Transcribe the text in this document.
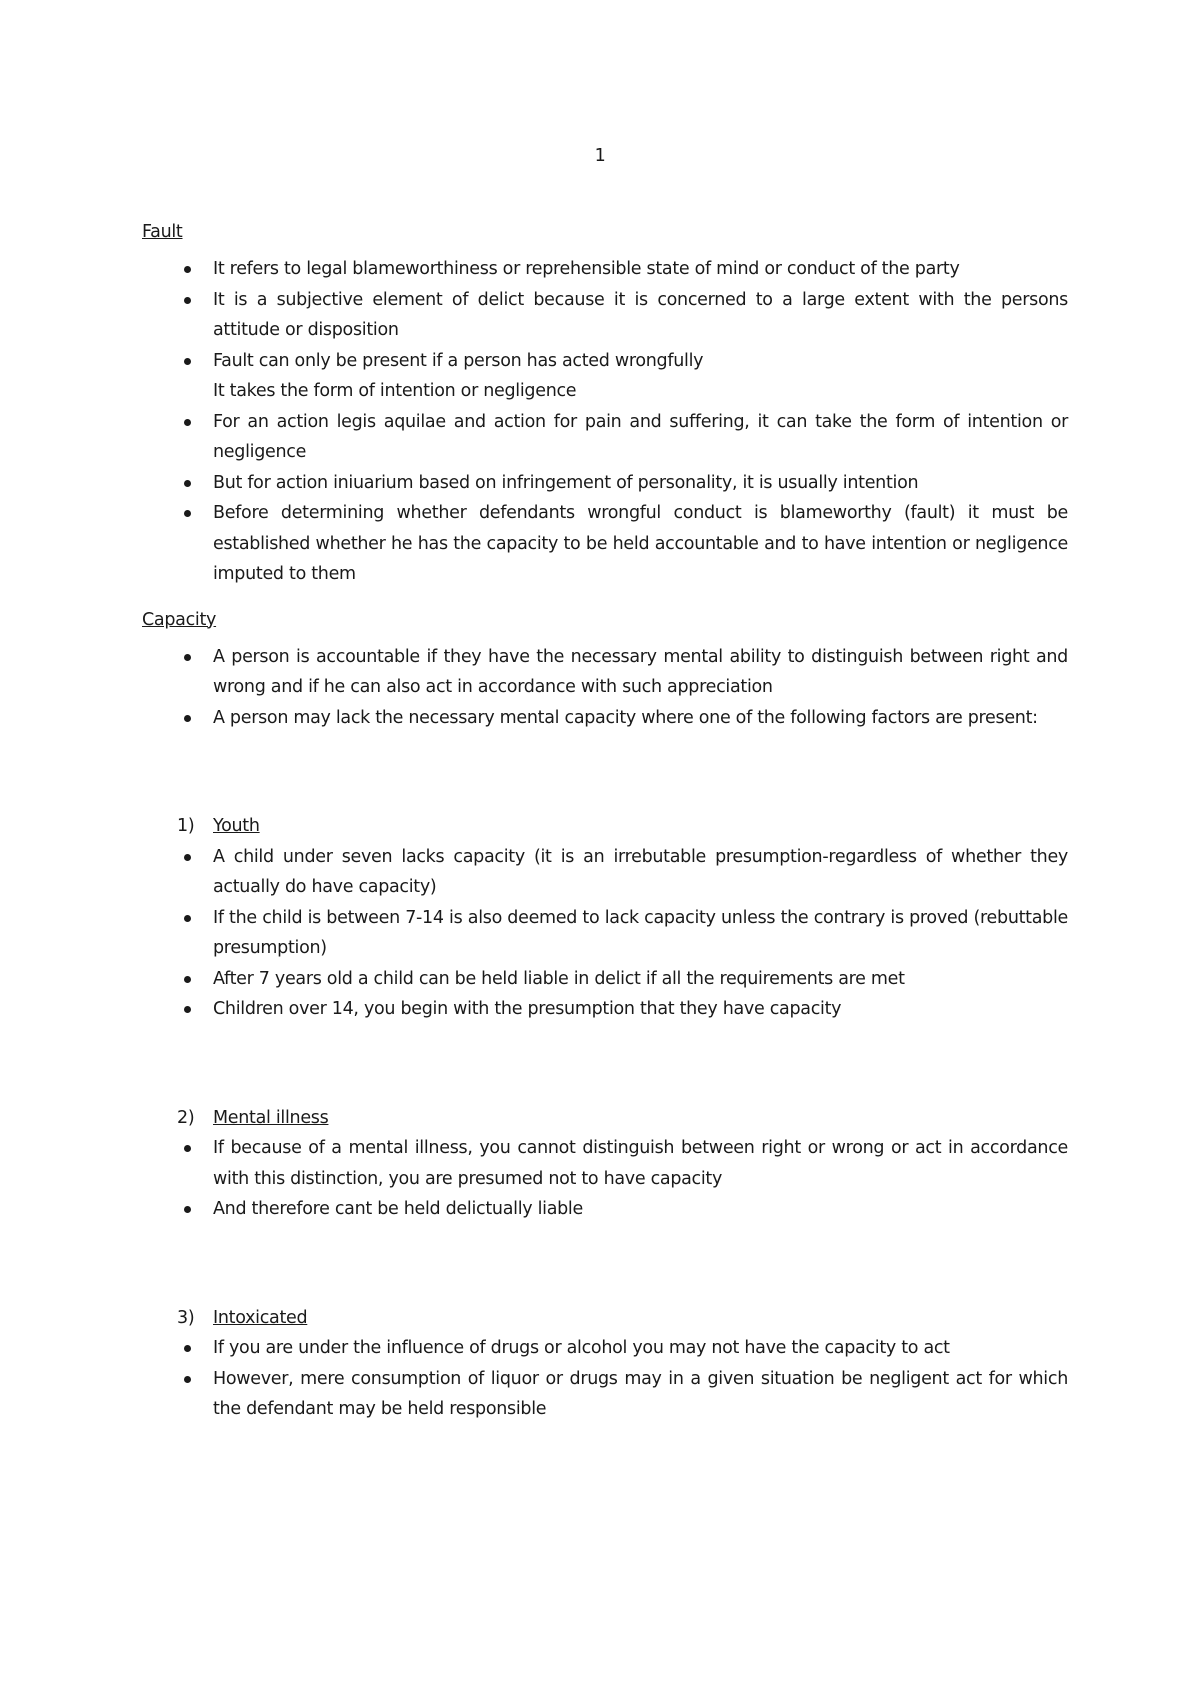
1
Fault
It refers to legal blameworthiness or reprehensible state of mind or conduct of the party
It is a subjective element of delict because it is concerned to a large extent with the persons attitude or disposition
Fault can only be present if a person has acted wrongfully
It takes the form of intention or negligence
For an action legis aquilae and action for pain and suffering, it can take the form of intention or negligence
But for action iniuarium based on infringement of personality, it is usually intention
Before determining whether defendants wrongful conduct is blameworthy (fault) it must be established whether he has the capacity to be held accountable and to have intention or negligence imputed to them
Capacity
A person is accountable if they have the necessary mental ability to distinguish between right and wrong and if he can also act in accordance with such appreciation
A person may lack the necessary mental capacity where one of the following factors are present:
1) Youth
A child under seven lacks capacity (it is an irrebutable presumption-regardless of whether they actually do have capacity)
If the child is between 7-14 is also deemed to lack capacity unless the contrary is proved (rebuttable presumption)
After 7 years old a child can be held liable in delict if all the requirements are met
Children over 14, you begin with the presumption that they have capacity
2) Mental illness
If because of a mental illness, you cannot distinguish between right or wrong or act in accordance with this distinction, you are presumed not to have capacity
And therefore cant be held delictually liable
3) Intoxicated
If you are under the influence of drugs or alcohol you may not have the capacity to act
However, mere consumption of liquor or drugs may in a given situation be negligent act for which the defendant may be held responsible
